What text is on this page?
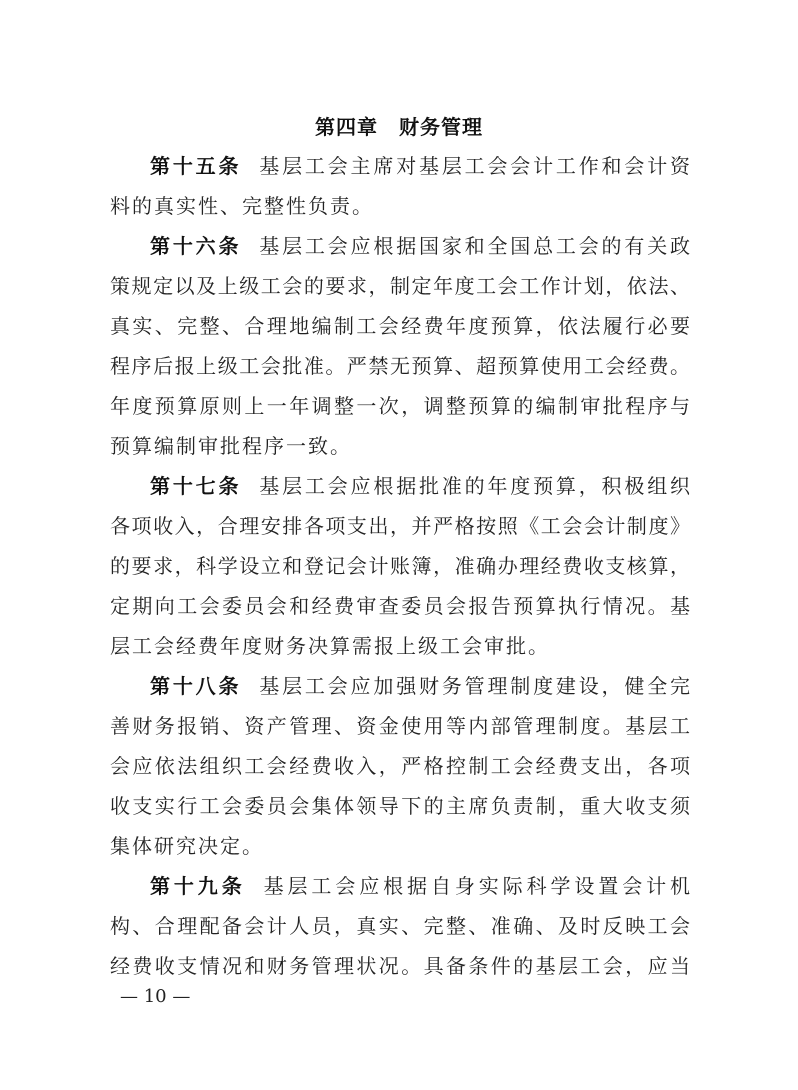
第四章　财务管理
第十五条 基层工会主席对基层工会会计工作和会计资
料的真实性、完整性负责。
第十六条 基层工会应根据国家和全国总工会的有关政
策规定以及上级工会的要求，制定年度工会工作计划，依法、
真实、完整、合理地编制工会经费年度预算，依法履行必要
程序后报上级工会批准。严禁无预算、超预算使用工会经费。
年度预算原则上一年调整一次，调整预算的编制审批程序与
预算编制审批程序一致。
第十七条 基层工会应根据批准的年度预算，积极组织
各项收入，合理安排各项支出，并严格按照《工会会计制度》
的要求，科学设立和登记会计账簿，准确办理经费收支核算，
定期向工会委员会和经费审查委员会报告预算执行情况。基
层工会经费年度财务决算需报上级工会审批。
第十八条 基层工会应加强财务管理制度建设，健全完
善财务报销、资产管理、资金使用等内部管理制度。基层工
会应依法组织工会经费收入，严格控制工会经费支出，各项
收支实行工会委员会集体领导下的主席负责制，重大收支须
集体研究决定。
第十九条 基层工会应根据自身实际科学设置会计机
构、合理配备会计人员，真实、完整、准确、及时反映工会
经费收支情况和财务管理状况。具备条件的基层工会，应当
— 10 —
